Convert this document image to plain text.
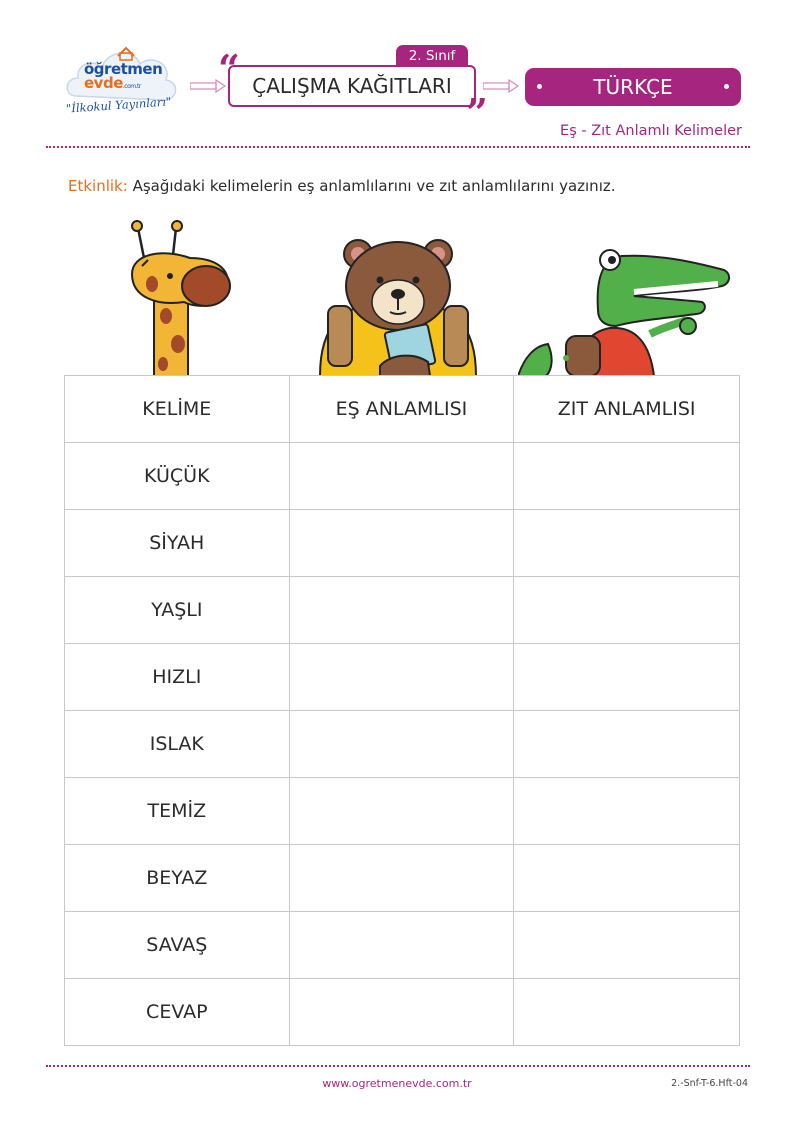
öğretmen
evde.com.tr
"İlkokul Yayınları"
2. Sınıf
“
”
ÇALIŞMA KAĞITLARI	TÜRKÇE
Eş - Zıt Anlamlı Kelimeler
Etkinlik: Aşağıdaki kelimelerin eş anlamlılarını ve zıt anlamlılarını yazınız.
KELİME	EŞ ANLAMLISI	ZIT ANLAMLISI
KÜÇÜK		
SİYAH		
YAŞLI		
HIZLI		
ISLAK		
TEMİZ		
BEYAZ		
SAVAŞ		
CEVAP		
www.ogretmenevde.com.tr	2.-Snf-T-6.Hft-04
